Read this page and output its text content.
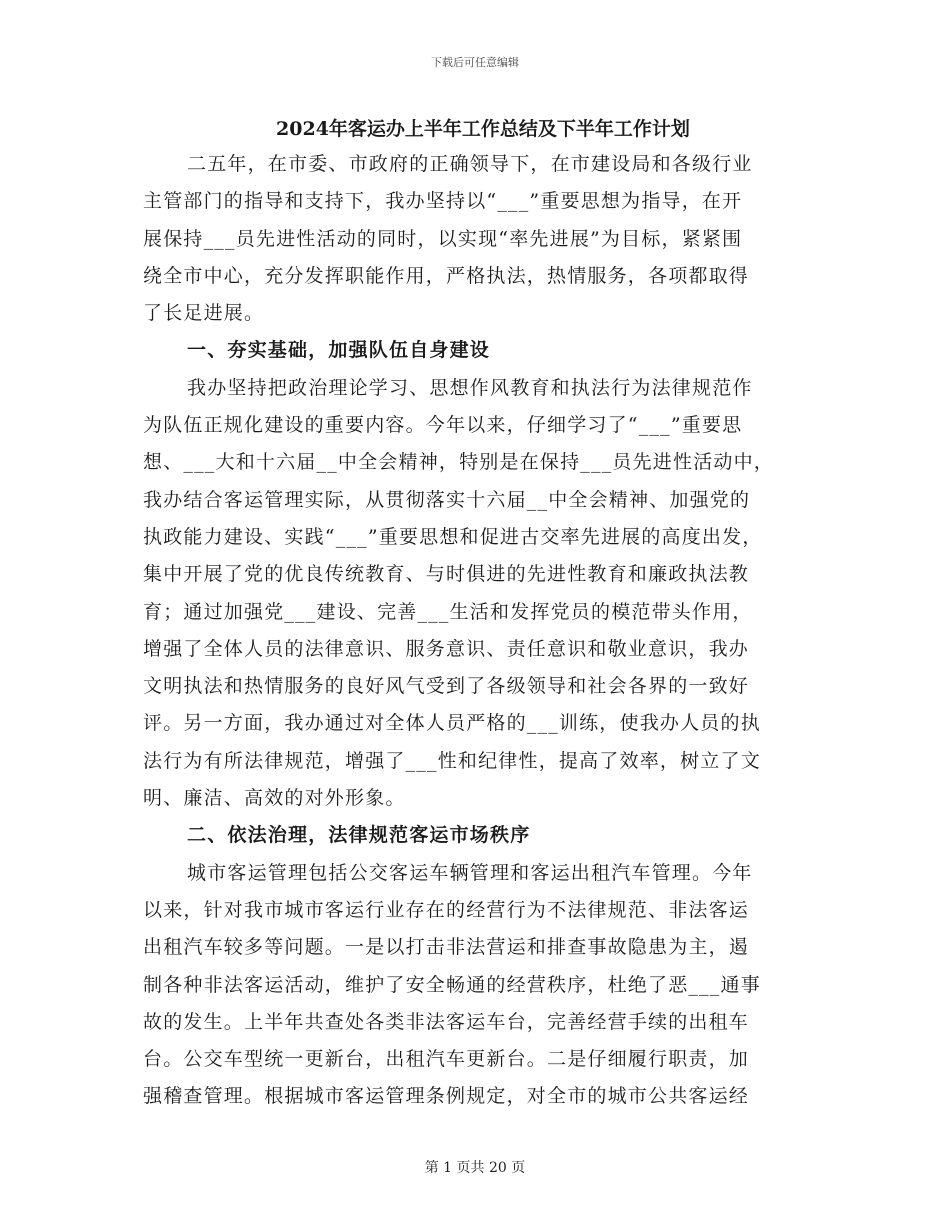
下载后可任意编辑
2024年客运办上半年工作总结及下半年工作计划
二五年，在市委、市政府的正确领导下，在市建设局和各级行业
主管部门的指导和支持下，我办坚持以“___”重要思想为指导，在开
展保持___员先进性活动的同时，以实现“率先进展”为目标，紧紧围
绕全市中心，充分发挥职能作用，严格执法，热情服务，各项都取得
了长足进展。
一、夯实基础，加强队伍自身建设
我办坚持把政治理论学习、思想作风教育和执法行为法律规范作
为队伍正规化建设的重要内容。今年以来，仔细学习了“___”重要思
想、___大和十六届__中全会精神，特别是在保持___员先进性活动中，
我办结合客运管理实际，从贯彻落实十六届__中全会精神、加强党的
执政能力建设、实践“___”重要思想和促进古交率先进展的高度出发，
集中开展了党的优良传统教育、与时俱进的先进性教育和廉政执法教
育；通过加强党___建设、完善___生活和发挥党员的模范带头作用，
增强了全体人员的法律意识、服务意识、责任意识和敬业意识，我办
文明执法和热情服务的良好风气受到了各级领导和社会各界的一致好
评。另一方面，我办通过对全体人员严格的___训练，使我办人员的执
法行为有所法律规范，增强了___性和纪律性，提高了效率，树立了文
明、廉洁、高效的对外形象。
二、依法治理，法律规范客运市场秩序
城市客运管理包括公交客运车辆管理和客运出租汽车管理。今年
以来，针对我市城市客运行业存在的经营行为不法律规范、非法客运
出租汽车较多等问题。一是以打击非法营运和排查事故隐患为主，遏
制各种非法客运活动，维护了安全畅通的经营秩序，杜绝了恶___通事
故的发生。上半年共查处各类非法客运车台，完善经营手续的出租车
台。公交车型统一更新台，出租汽车更新台。二是仔细履行职责，加
强稽查管理。根据城市客运管理条例规定，对全市的城市公共客运经
第 1 页共 20 页
